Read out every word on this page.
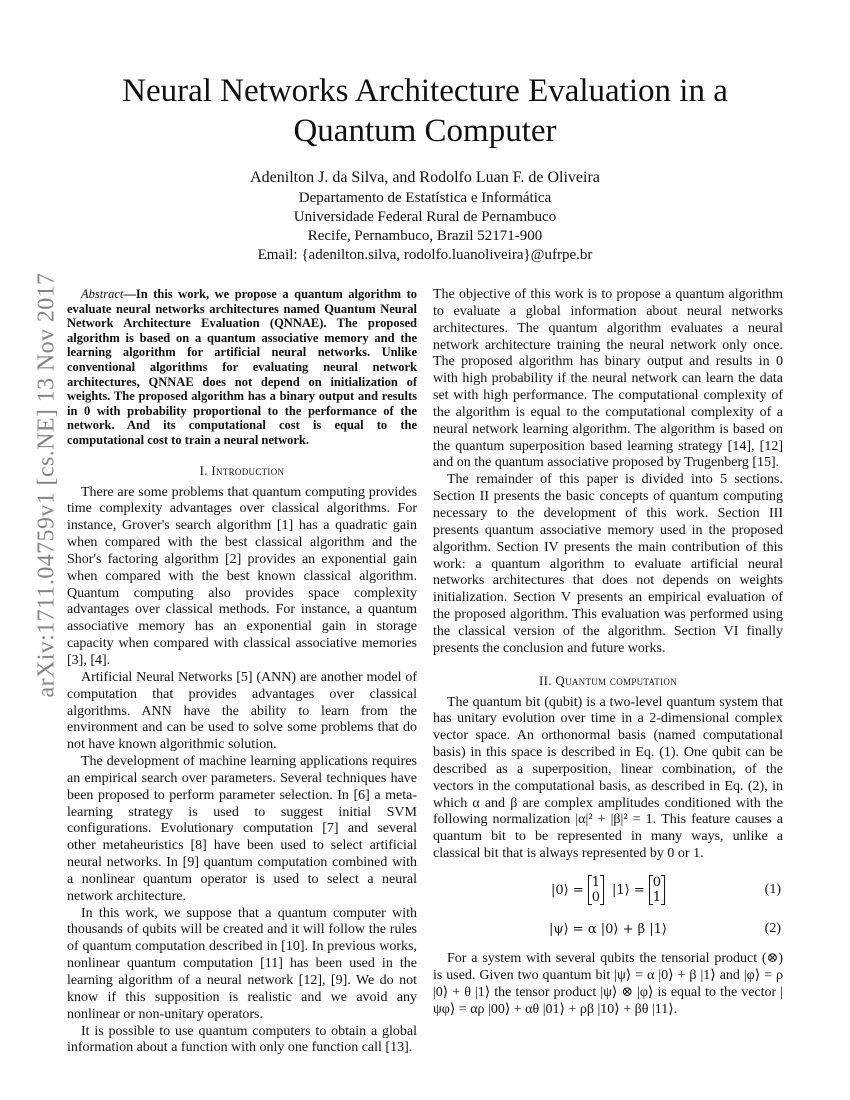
arXiv:1711.04759v1 [cs.NE] 13 Nov 2017
Neural Networks Architecture Evaluation in a Quantum Computer
Adenilton J. da Silva, and Rodolfo Luan F. de Oliveira
Departamento de Estatística e Informática
Universidade Federal Rural de Pernambuco
Recife, Pernambuco, Brazil 52171-900
Email: {adenilton.silva, rodolfo.luanoliveira}@ufrpe.br

Abstract—In this work, we propose a quantum algorithm to evaluate neural networks architectures named Quantum Neural Network Architecture Evaluation (QNNAE). The proposed algorithm is based on a quantum associative memory and the learning algorithm for artificial neural networks. Unlike conventional algorithms for evaluating neural network architectures, QNNAE does not depend on initialization of weights. The proposed algorithm has a binary output and results in 0 with probability proportional to the performance of the network. And its computational cost is equal to the computational cost to train a neural network.

I. Introduction

There are some problems that quantum computing provides time complexity advantages over classical algorithms. For instance, Grover's search algorithm [1] has a quadratic gain when compared with the best classical algorithm and the Shor's factoring algorithm [2] provides an exponential gain when compared with the best known classical algorithm. Quantum computing also provides space complexity advantages over classical methods. For instance, a quantum associative memory has an exponential gain in storage capacity when compared with classical associative memories [3], [4].

Artificial Neural Networks [5] (ANN) are another model of computation that provides advantages over classical algorithms. ANN have the ability to learn from the environment and can be used to solve some problems that do not have known algorithmic solution.

The development of machine learning applications requires an empirical search over parameters. Several techniques have been proposed to perform parameter selection. In [6] a meta-learning strategy is used to suggest initial SVM configurations. Evolutionary computation [7] and several other metaheuristics [8] have been used to select artificial neural networks. In [9] quantum computation combined with a nonlinear quantum operator is used to select a neural network architecture.

In this work, we suppose that a quantum computer with thousands of qubits will be created and it will follow the rules of quantum computation described in [10]. In previous works, nonlinear quantum computation [11] has been used in the learning algorithm of a neural network [12], [9]. We do not know if this supposition is realistic and we avoid any nonlinear or non-unitary operators.

It is possible to use quantum computers to obtain a global information about a function with only one function call [13].

The objective of this work is to propose a quantum algorithm to evaluate a global information about neural networks architectures. The quantum algorithm evaluates a neural network architecture training the neural network only once. The proposed algorithm has binary output and results in 0 with high probability if the neural network can learn the data set with high performance. The computational complexity of the algorithm is equal to the computational complexity of a neural network learning algorithm. The algorithm is based on the quantum superposition based learning strategy [14], [12] and on the quantum associative proposed by Trugenberg [15].

The remainder of this paper is divided into 5 sections. Section II presents the basic concepts of quantum computing necessary to the development of this work. Section III presents quantum associative memory used in the proposed algorithm. Section IV presents the main contribution of this work: a quantum algorithm to evaluate artificial neural networks architectures that does not depends on weights initialization. Section V presents an empirical evaluation of the proposed algorithm. This evaluation was performed using the classical version of the algorithm. Section VI finally presents the conclusion and future works.

II. Quantum computation

The quantum bit (qubit) is a two-level quantum system that has unitary evolution over time in a 2-dimensional complex vector space. An orthonormal basis (named computational basis) in this space is described in Eq. (1). One qubit can be described as a superposition, linear combination, of the vectors in the computational basis, as described in Eq. (2), in which α and β are complex amplitudes conditioned with the following normalization |α|² + |β|² = 1. This feature causes a quantum bit to be represented in many ways, unlike a classical bit that is always represented by 0 or 1.

|0⟩ = 1
0 |1⟩ = 0
1
(1)
|ψ⟩ = α |0⟩ + β |1⟩	(2)

For a system with several qubits the tensorial product (⊗) is used. Given two quantum bit |ψ⟩ = α |0⟩ + β |1⟩ and |φ⟩ = ρ |0⟩ + θ |1⟩ the tensor product |ψ⟩ ⊗ |φ⟩ is equal to the vector |ψφ⟩ = αρ |00⟩ + αθ |01⟩ + ρβ |10⟩ + βθ |11⟩.
